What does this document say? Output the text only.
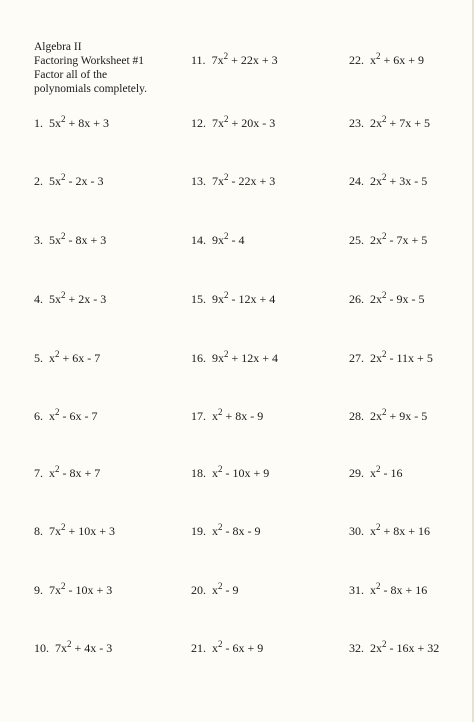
Algebra II
Factoring Worksheet #1
Factor all of the
polynomials completely.
1. $5x^2 + 8x + 3$
2. $5x^2 - 2x - 3$
3. $5x^2 - 8x + 3$
4. $5x^2 + 2x - 3$
5. $x^2 + 6x - 7$
6. $x^2 - 6x - 7$
7. $x^2 - 8x + 7$
8. $7x^2 + 10x + 3$
9. $7x^2 - 10x + 3$
10. $7x^2 + 4x - 3$
11. $7x^2 + 22x + 3$
12. $7x^2 + 20x - 3$
13. $7x^2 - 22x + 3$
14. $9x^2 - 4$
15. $9x^2 - 12x + 4$
16. $9x^2 + 12x + 4$
17. $x^2 + 8x - 9$
18. $x^2 - 10x + 9$
19. $x^2 - 8x - 9$
20. $x^2 - 9$
21. $x^2 - 6x + 9$
22. $x^2 + 6x + 9$
23. $2x^2 + 7x + 5$
24. $2x^2 + 3x - 5$
25. $2x^2 - 7x + 5$
26. $2x^2 - 9x - 5$
27. $2x^2 - 11x + 5$
28. $2x^2 + 9x - 5$
29. $x^2 - 16$
30. $x^2 + 8x + 16$
31. $x^2 - 8x + 16$
32. $2x^2 - 16x + 32$
